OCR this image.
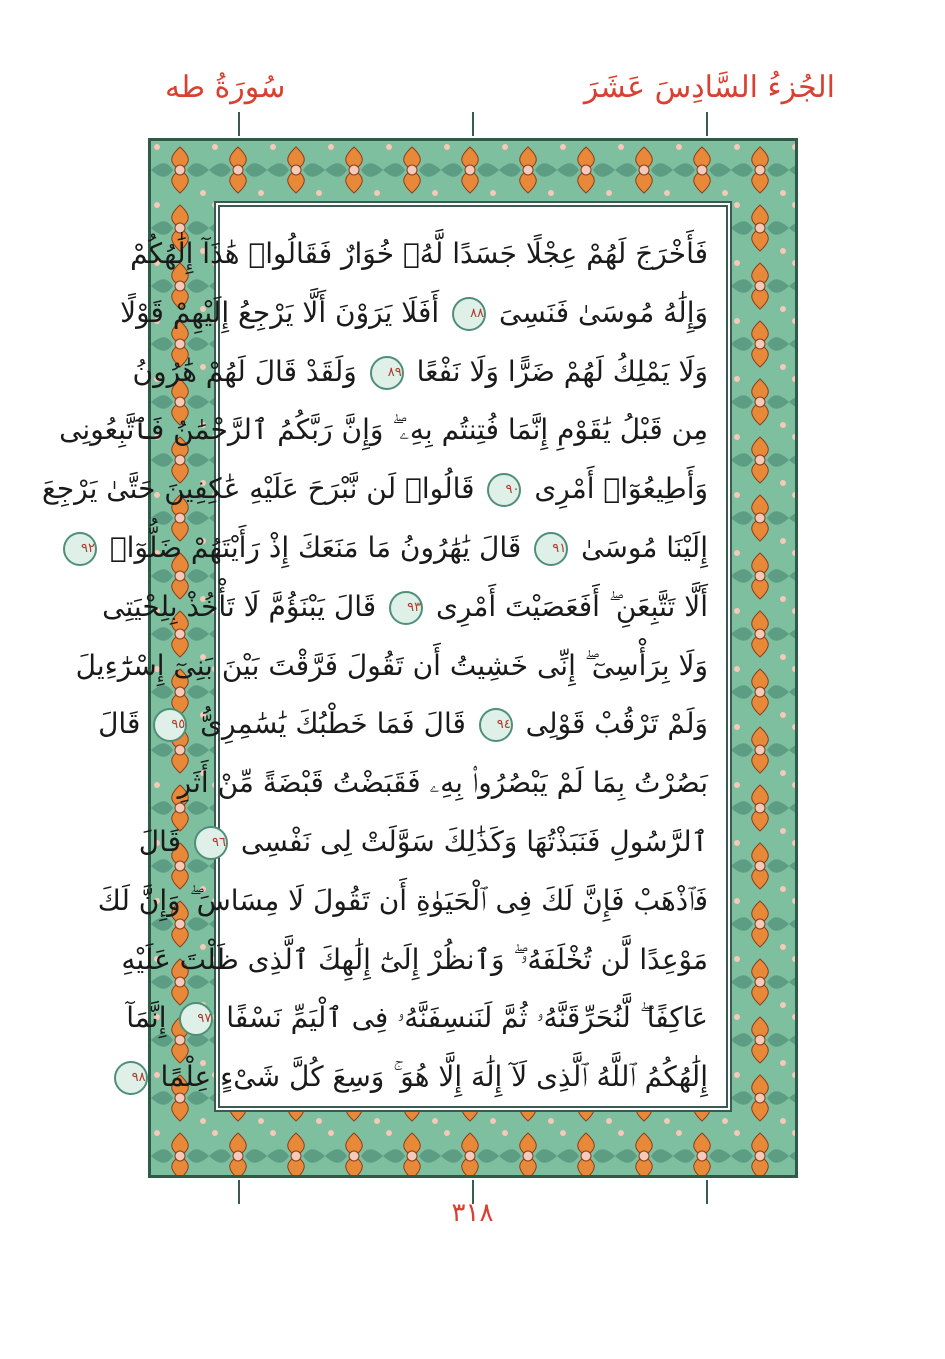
الجُزءُ السَّادِسَ عَشَرَ
سُورَةُ طه
فَأَخْرَجَ لَهُمْ عِجْلًا جَسَدًا لَّهُۥ خُوَارٌ فَقَالُوا۟ هَٰذَآ إِلَٰهُكُمْ
وَإِلَٰهُ مُوسَىٰ فَنَسِىَ ٨٨ أَفَلَا يَرَوْنَ أَلَّا يَرْجِعُ إِلَيْهِمْ قَوْلًا
وَلَا يَمْلِكُ لَهُمْ ضَرًّا وَلَا نَفْعًا ٨٩ وَلَقَدْ قَالَ لَهُمْ هَٰرُونُ
مِن قَبْلُ يَٰقَوْمِ إِنَّمَا فُتِنتُم بِهِۦ ۖ وَإِنَّ رَبَّكُمُ ٱلرَّحْمَٰنُ فَٱتَّبِعُونِى
وَأَطِيعُوٓا۟ أَمْرِى ٩٠ قَالُوا۟ لَن نَّبْرَحَ عَلَيْهِ عَٰكِفِينَ حَتَّىٰ يَرْجِعَ
إِلَيْنَا مُوسَىٰ ٩١ قَالَ يَٰهَٰرُونُ مَا مَنَعَكَ إِذْ رَأَيْتَهُمْ ضَلُّوٓا۟ ٩٢
أَلَّا تَتَّبِعَنِ ۖ أَفَعَصَيْتَ أَمْرِى ٩٣ قَالَ يَبْنَؤُمَّ لَا تَأْخُذْ بِلِحْيَتِى
وَلَا بِرَأْسِىٓ ۖ إِنِّى خَشِيتُ أَن تَقُولَ فَرَّقْتَ بَيْنَ بَنِىٓ إِسْرَٰٓءِيلَ
وَلَمْ تَرْقُبْ قَوْلِى ٩٤ قَالَ فَمَا خَطْبُكَ يَٰسَٰمِرِىُّ ٩٥ قَالَ
بَصُرْتُ بِمَا لَمْ يَبْصُرُوا۟ بِهِۦ فَقَبَضْتُ قَبْضَةً مِّنْ أَثَرِ
ٱلرَّسُولِ فَنَبَذْتُهَا وَكَذَٰلِكَ سَوَّلَتْ لِى نَفْسِى ٩٦ قَالَ
فَٱذْهَبْ فَإِنَّ لَكَ فِى ٱلْحَيَوٰةِ أَن تَقُولَ لَا مِسَاسَ ۖ وَإِنَّ لَكَ
مَوْعِدًا لَّن تُخْلَفَهُۥ ۖ وَٱنظُرْ إِلَىٰٓ إِلَٰهِكَ ٱلَّذِى ظَلْتَ عَلَيْهِ
عَاكِفًا ۖ لَّنُحَرِّقَنَّهُۥ ثُمَّ لَنَنسِفَنَّهُۥ فِى ٱلْيَمِّ نَسْفًا ٩٧ إِنَّمَآ
إِلَٰهُكُمُ ٱللَّهُ ٱلَّذِى لَآ إِلَٰهَ إِلَّا هُوَ ۚ وَسِعَ كُلَّ شَىْءٍ عِلْمًا ٩٨
٣١٨
